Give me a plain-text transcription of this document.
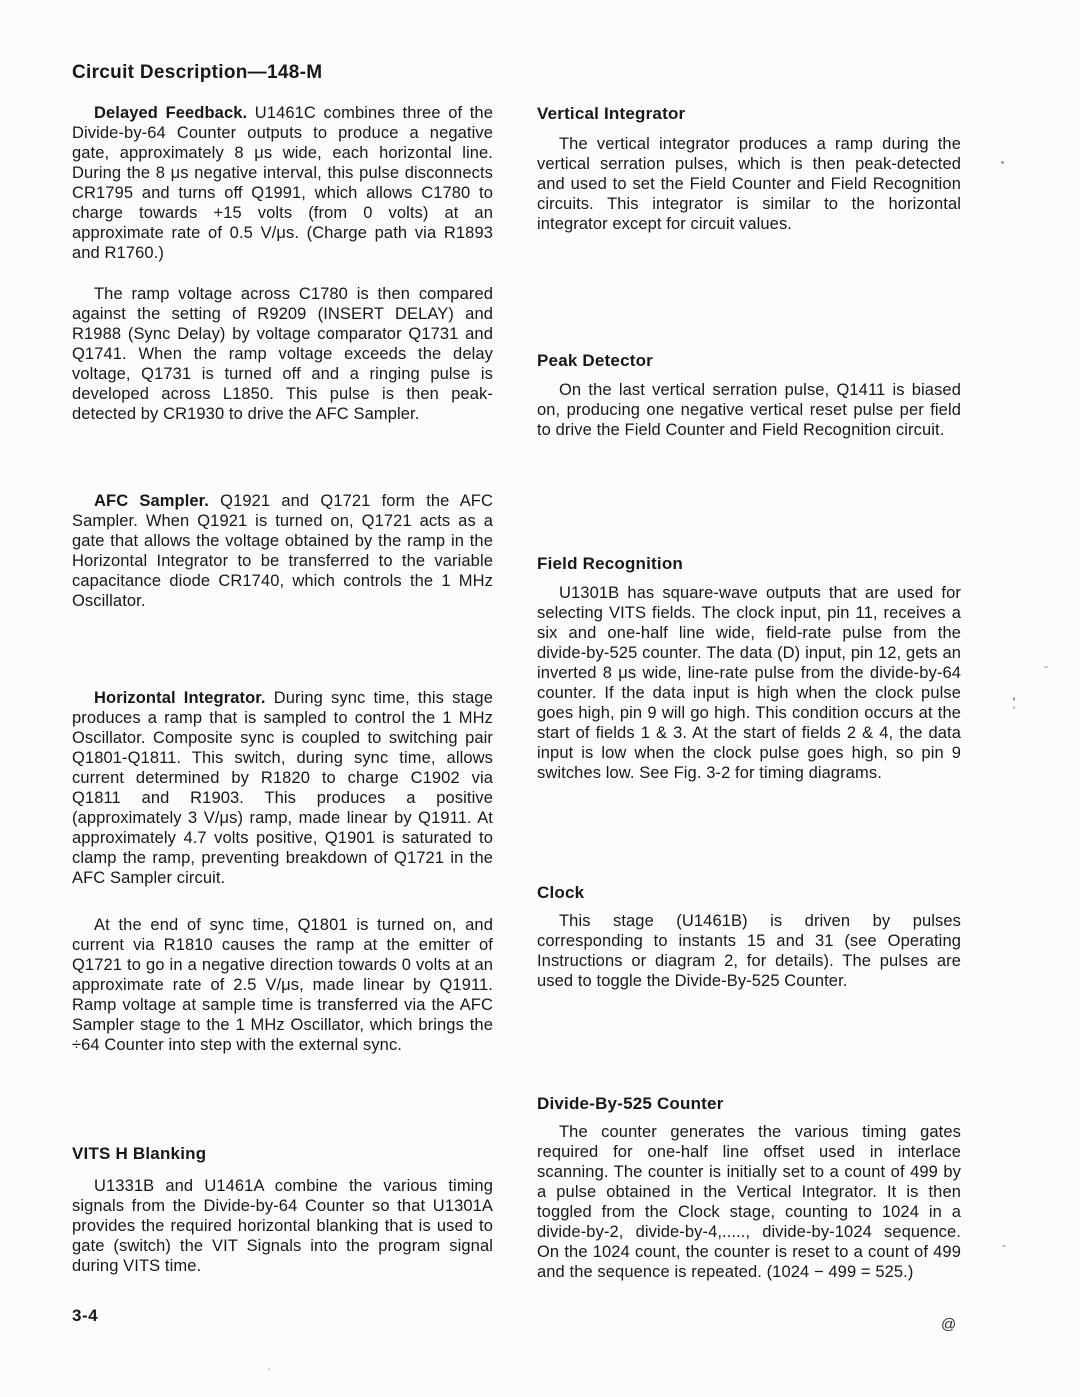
Circuit Description—148-M

Delayed Feedback. U1461C combines three of the Divide-by-64 Counter outputs to produce a negative gate, approximately 8 μs wide, each horizontal line. During the 8 μs negative interval, this pulse disconnects CR1795 and turns off Q1991, which allows C1780 to charge towards +15 volts (from 0 volts) at an approximate rate of 0.5 V/μs. (Charge path via R1893 and R1760.)

The ramp voltage across C1780 is then compared against the setting of R9209 (INSERT DELAY) and R1988 (Sync Delay) by voltage comparator Q1731 and Q1741. When the ramp voltage exceeds the delay voltage, Q1731 is turned off and a ringing pulse is developed across L1850. This pulse is then peak-detected by CR1930 to drive the AFC Sampler.

AFC Sampler. Q1921 and Q1721 form the AFC Sampler. When Q1921 is turned on, Q1721 acts as a gate that allows the voltage obtained by the ramp in the Horizontal Integrator to be transferred to the variable capacitance diode CR1740, which controls the 1 MHz Oscillator.

Horizontal Integrator. During sync time, this stage produces a ramp that is sampled to control the 1 MHz Oscillator. Composite sync is coupled to switching pair Q1801-Q1811. This switch, during sync time, allows current determined by R1820 to charge C1902 via Q1811 and R1903. This produces a positive (approximately 3 V/μs) ramp, made linear by Q1911. At approximately 4.7 volts positive, Q1901 is saturated to clamp the ramp, preventing breakdown of Q1721 in the AFC Sampler circuit.

At the end of sync time, Q1801 is turned on, and current via R1810 causes the ramp at the emitter of Q1721 to go in a negative direction towards 0 volts at an approximate rate of 2.5 V/μs, made linear by Q1911. Ramp voltage at sample time is transferred via the AFC Sampler stage to the 1 MHz Oscillator, which brings the ÷64 Counter into step with the external sync.

VITS H Blanking

U1331B and U1461A combine the various timing signals from the Divide-by-64 Counter so that U1301A provides the required horizontal blanking that is used to gate (switch) the VIT Signals into the program signal during VITS time.

Vertical Integrator

The vertical integrator produces a ramp during the vertical serration pulses, which is then peak-detected and used to set the Field Counter and Field Recognition circuits. This integrator is similar to the horizontal integrator except for circuit values.

Peak Detector

On the last vertical serration pulse, Q1411 is biased on, producing one negative vertical reset pulse per field to drive the Field Counter and Field Recognition circuit.

Field Recognition

U1301B has square-wave outputs that are used for selecting VITS fields. The clock input, pin 11, receives a six and one-half line wide, field-rate pulse from the divide-by-525 counter. The data (D) input, pin 12, gets an inverted 8 μs wide, line-rate pulse from the divide-by-64 counter. If the data input is high when the clock pulse goes high, pin 9 will go high. This condition occurs at the start of fields 1 & 3. At the start of fields 2 & 4, the data input is low when the clock pulse goes high, so pin 9 switches low. See Fig. 3-2 for timing diagrams.

Clock

This stage (U1461B) is driven by pulses corresponding to instants 15 and 31 (see Operating Instructions or diagram 2, for details). The pulses are used to toggle the Divide-By-525 Counter.

Divide-By-525 Counter

The counter generates the various timing gates required for one-half line offset used in interlace scanning. The counter is initially set to a count of 499 by a pulse obtained in the Vertical Integrator. It is then toggled from the Clock stage, counting to 1024 in a divide-by-2, divide-by-4,....., divide-by-1024 sequence. On the 1024 count, the counter is reset to a count of 499 and the sequence is repeated. (1024 − 499 = 525.)

3-4	@
